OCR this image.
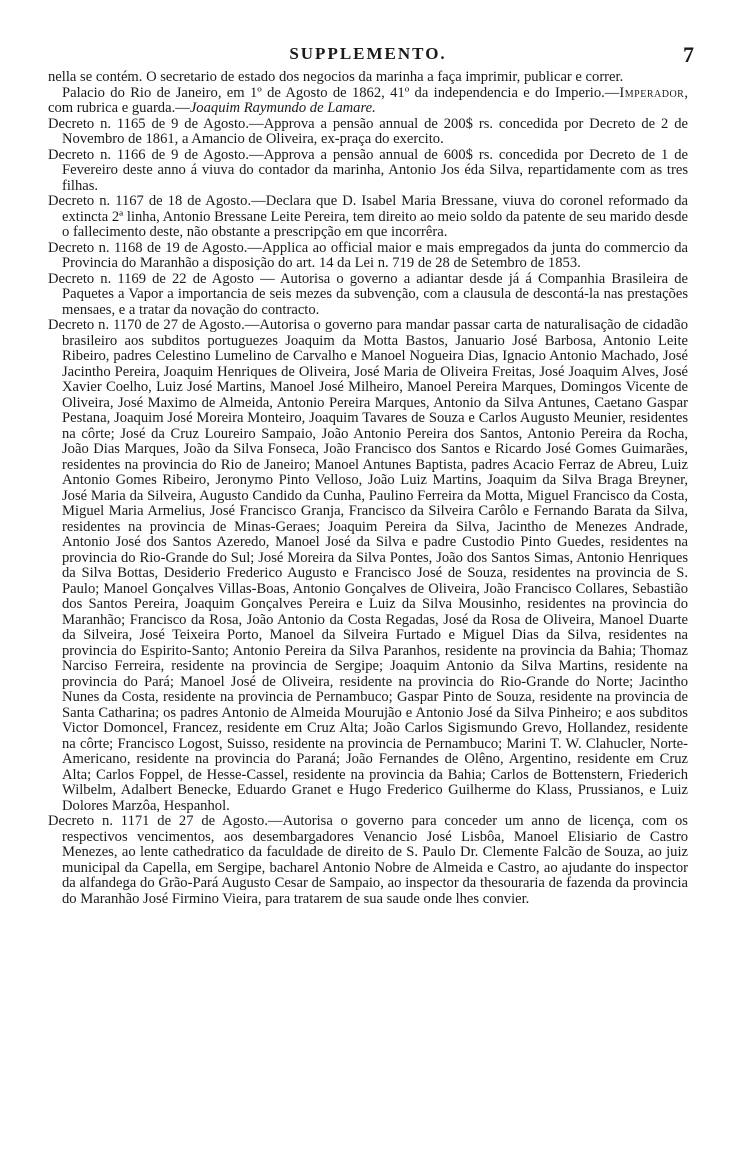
SUPPLEMENTO.	7

nella se contém. O secretario de estado dos negocios da marinha a faça imprimir, publicar e correr.

Palacio do Rio de Janeiro, em 1º de Agosto de 1862, 41º da independencia e do Imperio.—Imperador, com rubrica e guarda.—Joaquim Raymundo de Lamare.

Decreto n. 1165 de 9 de Agosto.—Approva a pensão annual de 200$ rs. concedida por Decreto de 2 de Novembro de 1861, a Amancio de Oliveira, ex-praça do exercito.

Decreto n. 1166 de 9 de Agosto.—Approva a pensão annual de 600$ rs. concedida por Decreto de 1 de Fevereiro deste anno á viuva do contador da marinha, Antonio Jos éda Silva, repartidamente com as tres filhas.

Decreto n. 1167 de 18 de Agosto.—Declara que D. Isabel Maria Bressane, viuva do coronel reformado da extincta 2ª linha, Antonio Bressane Leite Pereira, tem direito ao meio soldo da patente de seu marido desde o fallecimento deste, não obstante a prescripção em que incorrêra.

Decreto n. 1168 de 19 de Agosto.—Applica ao official maior e mais empregados da junta do commercio da Provincia do Maranhão a disposição do art. 14 da Lei n. 719 de 28 de Setembro de 1853.

Decreto n. 1169 de 22 de Agosto — Autorisa o governo a adiantar desde já á Companhia Brasileira de Paquetes a Vapor a importancia de seis mezes da subvenção, com a clausula de descontá-la nas prestações mensaes, e a tratar da novação do contracto.

Decreto n. 1170 de 27 de Agosto.—Autorisa o governo para mandar passar carta de naturalisação de cidadão brasileiro aos subditos portuguezes Joaquim da Motta Bastos, Januario José Barbosa, Antonio Leite Ribeiro, padres Celestino Lumelino de Carvalho e Manoel Nogueira Dias, Ignacio Antonio Machado, José Jacintho Pereira, Joaquim Henriques de Oliveira, José Maria de Oliveira Freitas, José Joaquim Alves, José Xavier Coelho, Luiz José Martins, Manoel José Milheiro, Manoel Pereira Marques, Domingos Vicente de Oliveira, José Maximo de Almeida, Antonio Pereira Marques, Antonio da Silva Antunes, Caetano Gaspar Pestana, Joaquim José Moreira Monteiro, Joaquim Tavares de Souza e Carlos Augusto Meunier, residentes na côrte; José da Cruz Loureiro Sampaio, João Antonio Pereira dos Santos, Antonio Pereira da Rocha, João Dias Marques, João da Silva Fonseca, João Francisco dos Santos e Ricardo José Gomes Guimarães, residentes na provincia do Rio de Janeiro; Manoel Antunes Baptista, padres Acacio Ferraz de Abreu, Luiz Antonio Gomes Ribeiro, Jeronymo Pinto Velloso, João Luiz Martins, Joaquim da Silva Braga Breyner, José Maria da Silveira, Augusto Candido da Cunha, Paulino Ferreira da Motta, Miguel Francisco da Costa, Miguel Maria Armelius, José Francisco Granja, Francisco da Silveira Carôlo e Fernando Barata da Silva, residentes na provincia de Minas-Geraes; Joaquim Pereira da Silva, Jacintho de Menezes Andrade, Antonio José dos Santos Azeredo, Manoel José da Silva e padre Custodio Pinto Guedes, residentes na provincia do Rio-Grande do Sul; José Moreira da Silva Pontes, João dos Santos Simas, Antonio Henriques da Silva Bottas, Desiderio Frederico Augusto e Francisco José de Souza, residentes na provincia de S. Paulo; Manoel Gonçalves Villas-Boas, Antonio Gonçalves de Oliveira, João Francisco Collares, Sebastião dos Santos Pereira, Joaquim Gonçalves Pereira e Luiz da Silva Mousinho, residentes na provincia do Maranhão; Francisco da Rosa, João Antonio da Costa Regadas, José da Rosa de Oliveira, Manoel Duarte da Silveira, José Teixeira Porto, Manoel da Silveira Furtado e Miguel Dias da Silva, residentes na provincia do Espirito-Santo; Antonio Pereira da Silva Paranhos, residente na provincia da Bahia; Thomaz Narciso Ferreira, residente na provincia de Sergipe; Joaquim Antonio da Silva Martins, residente na provincia do Pará; Manoel José de Oliveira, residente na provincia do Rio-Grande do Norte; Jacintho Nunes da Costa, residente na provincia de Pernambuco; Gaspar Pinto de Souza, residente na provincia de Santa Catharina; os padres Antonio de Almeida Mourujão e Antonio José da Silva Pinheiro; e aos subditos Victor Domoncel, Francez, residente em Cruz Alta; João Carlos Sigismundo Grevo, Hollandez, residente na côrte; Francisco Logost, Suisso, residente na provincia de Pernambuco; Marini T. W. Clahucler, Norte-Americano, residente na provincia do Paraná; João Fernandes de Olêno, Argentino, residente em Cruz Alta; Carlos Foppel, de Hesse-Cassel, residente na provincia da Bahia; Carlos de Bottenstern, Friederich Wilbelm, Adalbert Benecke, Eduardo Granet e Hugo Frederico Guilherme do Klass, Prussianos, e Luiz Dolores Marzôa, Hespanhol.

Decreto n. 1171 de 27 de Agosto.—Autorisa o governo para conceder um anno de licença, com os respectivos vencimentos, aos desembargadores Venancio José Lisbôa, Manoel Elisiario de Castro Menezes, ao lente cathedratico da faculdade de direito de S. Paulo Dr. Clemente Falcão de Souza, ao juiz municipal da Capella, em Sergipe, bacharel Antonio Nobre de Almeida e Castro, ao ajudante do inspector da alfandega do Grão-Pará Augusto Cesar de Sampaio, ao inspector da thesouraria de fazenda da provincia do Maranhão José Firmino Vieira, para tratarem de sua saude onde lhes convier.
